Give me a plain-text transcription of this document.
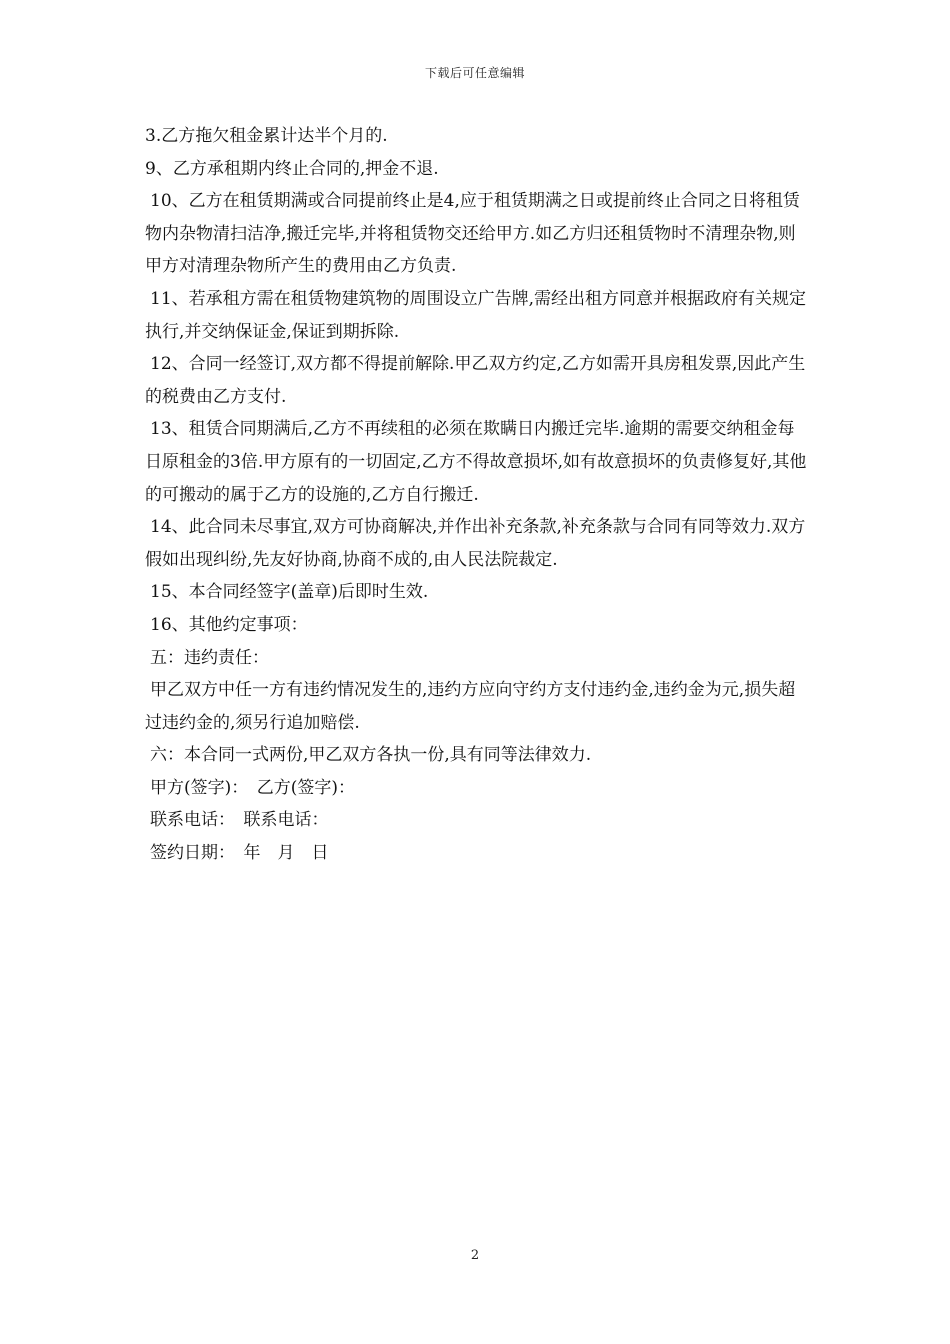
下载后可任意编辑

3.乙方拖欠租金累计达半个月的.

9、乙方承租期内终止合同的,押金不退.

10、乙方在租赁期满或合同提前终止是4,应于租赁期满之日或提前终止合同之日将租赁物内杂物清扫洁净,搬迁完毕,并将租赁物交还给甲方.如乙方归还租赁物时不清理杂物,则甲方对清理杂物所产生的费用由乙方负责.

11、若承租方需在租赁物建筑物的周围设立广告牌,需经出租方同意并根据政府有关规定执行,并交纳保证金,保证到期拆除.

12、合同一经签订,双方都不得提前解除.甲乙双方约定,乙方如需开具房租发票,因此产生的税费由乙方支付.

13、租赁合同期满后,乙方不再续租的必须在欺瞒日内搬迁完毕.逾期的需要交纳租金每日原租金的3倍.甲方原有的一切固定,乙方不得故意损坏,如有故意损坏的负责修复好,其他的可搬动的属于乙方的设施的,乙方自行搬迁.

14、此合同未尽事宜,双方可协商解决,并作出补充条款,补充条款与合同有同等效力.双方假如出现纠纷,先友好协商,协商不成的,由人民法院裁定.

15、本合同经签字(盖章)后即时生效.

16、其他约定事项：

五：违约责任：

甲乙双方中任一方有违约情况发生的,违约方应向守约方支付违约金,违约金为元,损失超过违约金的,须另行追加赔偿.

六：本合同一式两份,甲乙双方各执一份,具有同等法律效力.

甲方(签字)：　乙方(签字)：

联系电话：　联系电话：

签约日期：　年　月　日

2
